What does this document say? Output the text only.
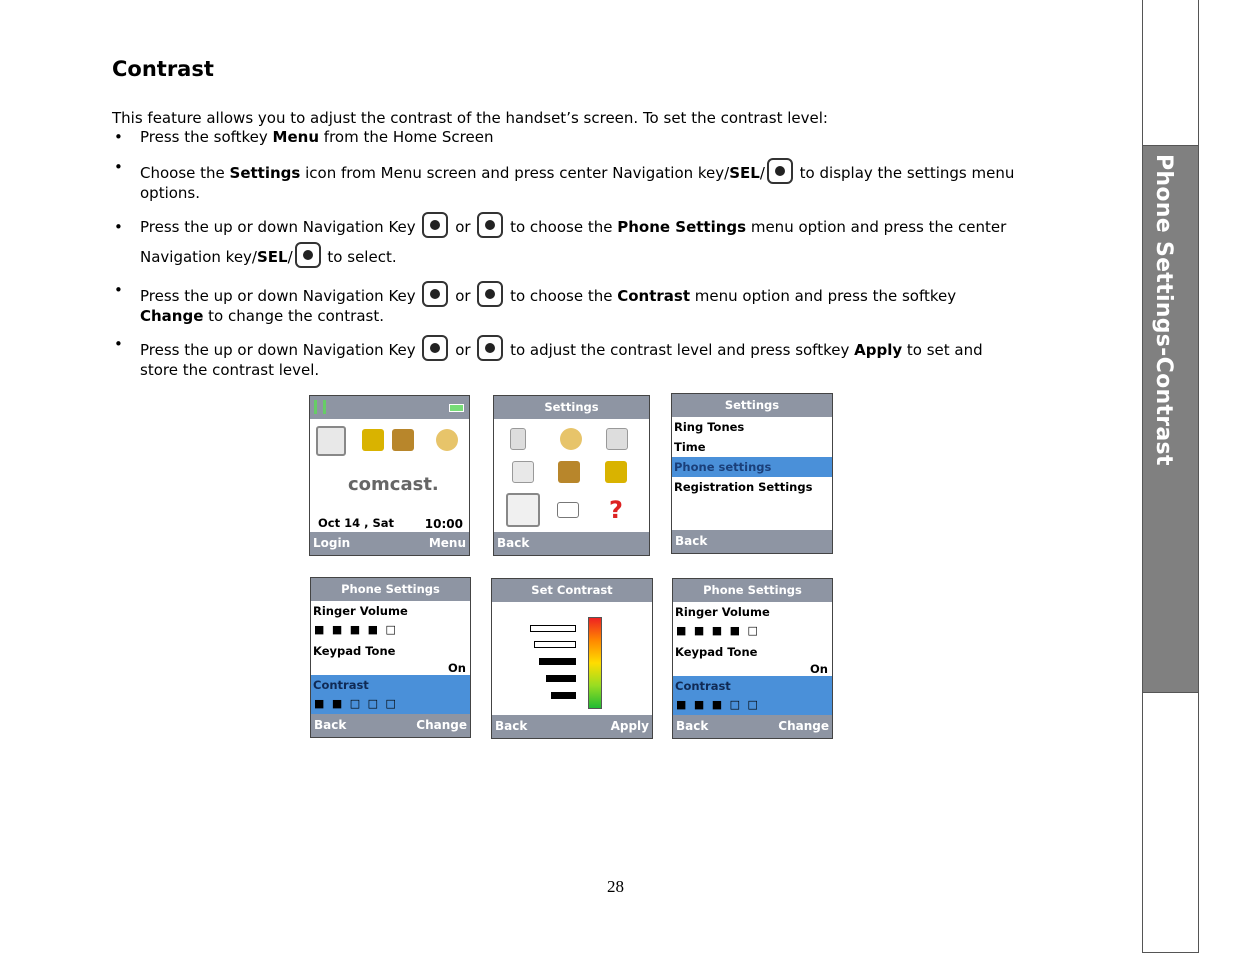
Phone Settings-Contrast
Contrast

This feature allows you to adjust the contrast of the handset’s screen. To set the contrast level:

• Press the softkey Menu from the Home Screen
• Choose the Settings icon from Menu screen and press center Navigation key/SEL/ to display the settings menu options.
• Press the up or down Navigation Key  or  to choose the Phone Settings menu option and press the center Navigation key/SEL/ to select.
• Press the up or down Navigation Key  or  to choose the Contrast menu option and press the softkey Change to change the contrast.
• Press the up or down Navigation Key  or  to adjust the contrast level and press softkey Apply to set and store the contrast level.
comcast.
Oct 14 , Sat	10:00
Login	Menu
Settings
?
Back
Settings
Ring Tones
Time
Phone settings
Registration Settings
Back
Phone Settings
Ringer Volume
■ ■ ■ ■ □
Keypad Tone
On
Contrast
■ ■ □ □ □
Back	Change
Set Contrast
Back	Apply
Phone Settings
Ringer Volume
■ ■ ■ ■ □
Keypad Tone
On
Contrast
■ ■ ■ □ □
Back	Change
28
